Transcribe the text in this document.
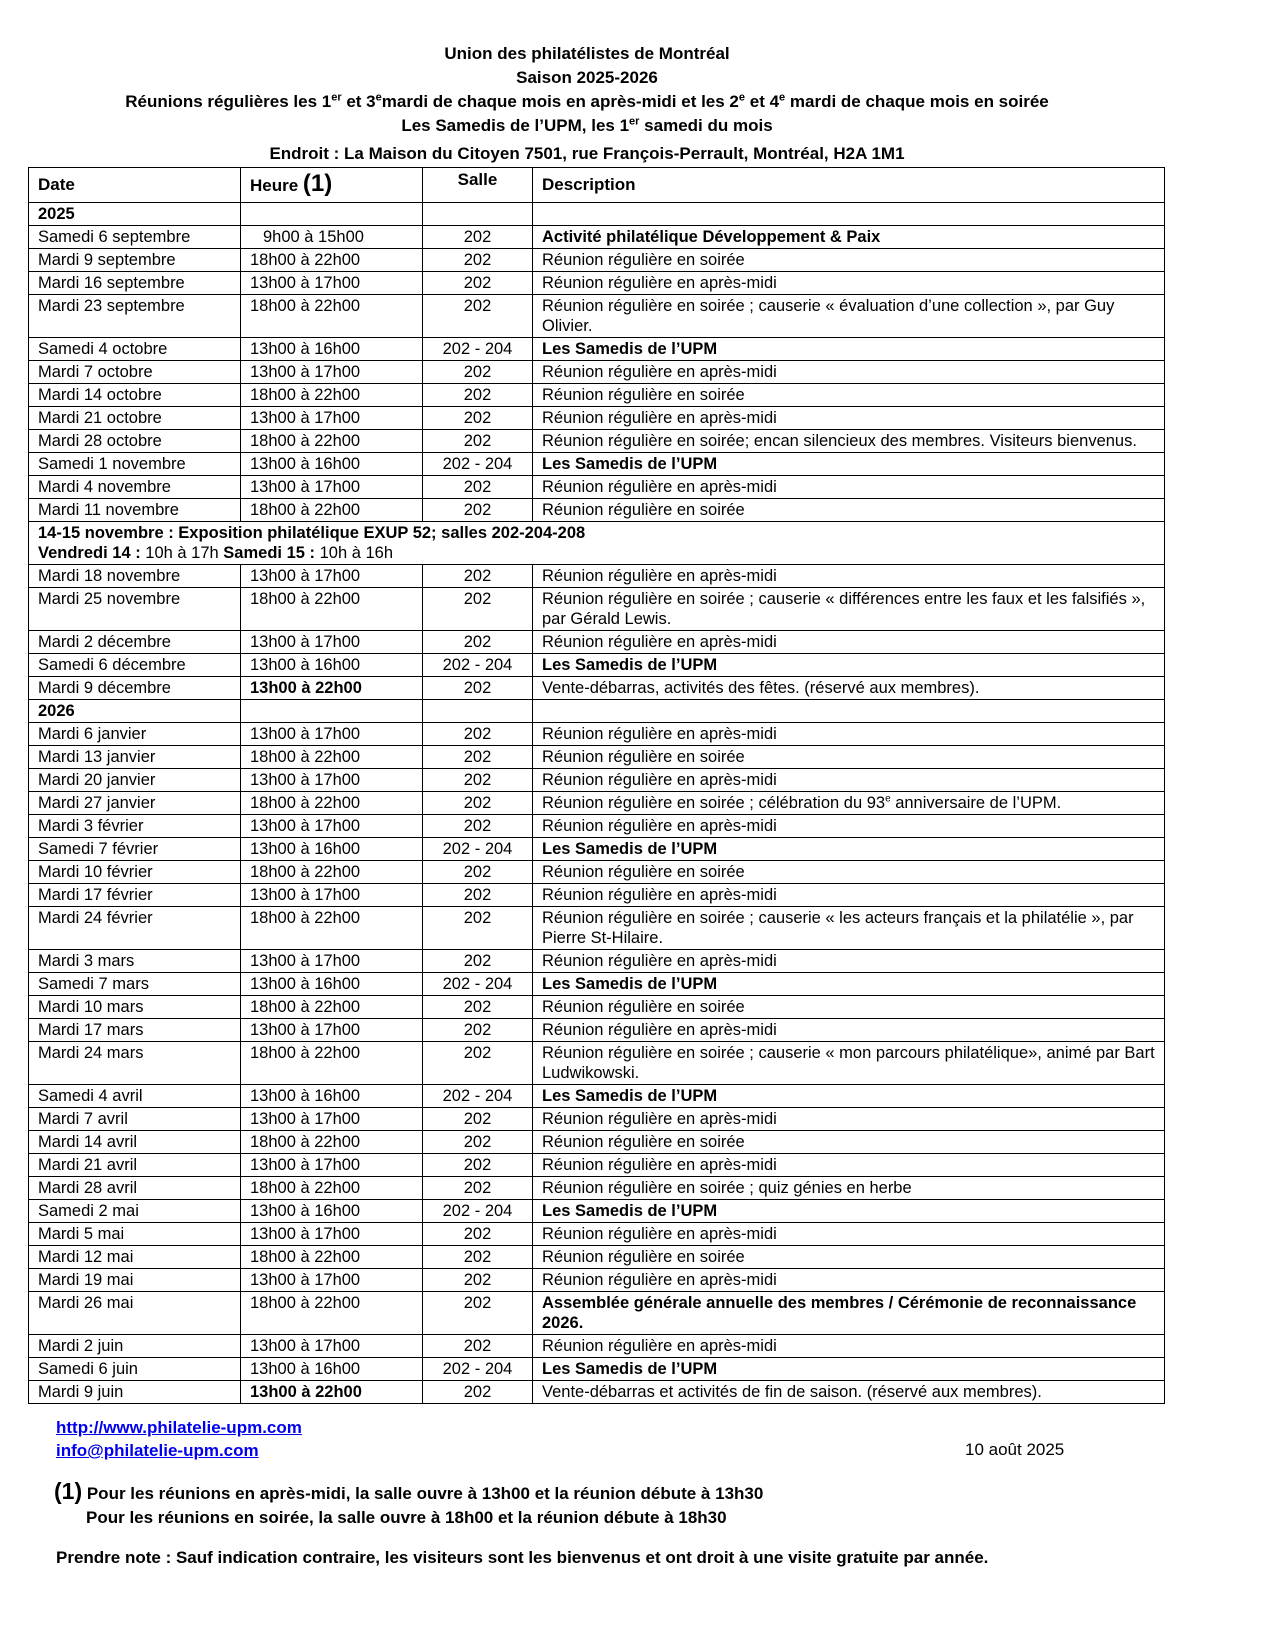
Union des philatélistes de Montréal
Saison 2025-2026
Réunions régulières les 1er et 3emardi de chaque mois en après-midi et les 2e et 4e mardi de chaque mois en soirée
Les Samedis de l’UPM, les 1er samedi du mois
Endroit : La Maison du Citoyen 7501, rue François-Perrault, Montréal, H2A 1M1
Date	Heure (1)	Salle	Description
2025			
Samedi 6 septembre	9h00 à 15h00	202	Activité philatélique Développement & Paix
Mardi 9 septembre	18h00 à 22h00	202	Réunion régulière en soirée
Mardi 16 septembre	13h00 à 17h00	202	Réunion régulière en après-midi
Mardi 23 septembre	18h00 à 22h00	202	Réunion régulière en soirée ; causerie « évaluation d’une collection », par Guy Olivier.
Samedi 4 octobre	13h00 à 16h00	202 - 204	Les Samedis de l’UPM
Mardi 7 octobre	13h00 à 17h00	202	Réunion régulière en après-midi
Mardi 14 octobre	18h00 à 22h00	202	Réunion régulière en soirée
Mardi 21 octobre	13h00 à 17h00	202	Réunion régulière en après-midi
Mardi 28 octobre	18h00 à 22h00	202	Réunion régulière en soirée; encan silencieux des membres. Visiteurs bienvenus.
Samedi 1 novembre	13h00 à 16h00	202 - 204	Les Samedis de l’UPM
Mardi 4 novembre	13h00 à 17h00	202	Réunion régulière en après-midi
Mardi 11 novembre	18h00 à 22h00	202	Réunion régulière en soirée

14-15 novembre : Exposition philatélique EXUP 52; salles 202-204-208
Vendredi 14 : 10h à 17h Samedi 15 : 10h à 16h			

Mardi 18 novembre	13h00 à 17h00	202	Réunion régulière en après-midi
Mardi 25 novembre	18h00 à 22h00	202	Réunion régulière en soirée ; causerie « différences entre les faux et les falsifiés », par Gérald Lewis.
Mardi 2 décembre	13h00 à 17h00	202	Réunion régulière en après-midi
Samedi 6 décembre	13h00 à 16h00	202 - 204	Les Samedis de l’UPM
Mardi 9 décembre	13h00 à 22h00	202	Vente-débarras, activités des fêtes. (réservé aux membres).
2026			
Mardi 6 janvier	13h00 à 17h00	202	Réunion régulière en après-midi
Mardi 13 janvier	18h00 à 22h00	202	Réunion régulière en soirée
Mardi 20 janvier	13h00 à 17h00	202	Réunion régulière en après-midi
Mardi 27 janvier	18h00 à 22h00	202	Réunion régulière en soirée ; célébration du 93e anniversaire de l’UPM.
Mardi 3 février	13h00 à 17h00	202	Réunion régulière en après-midi
Samedi 7 février	13h00 à 16h00	202 - 204	Les Samedis de l’UPM
Mardi 10 février	18h00 à 22h00	202	Réunion régulière en soirée
Mardi 17 février	13h00 à 17h00	202	Réunion régulière en après-midi
Mardi 24 février	18h00 à 22h00	202	Réunion régulière en soirée ; causerie « les acteurs français et la philatélie », par Pierre St-Hilaire.
Mardi 3 mars	13h00 à 17h00	202	Réunion régulière en après-midi
Samedi 7 mars	13h00 à 16h00	202 - 204	Les Samedis de l’UPM
Mardi 10 mars	18h00 à 22h00	202	Réunion régulière en soirée
Mardi 17 mars	13h00 à 17h00	202	Réunion régulière en après-midi
Mardi 24 mars	18h00 à 22h00	202	Réunion régulière en soirée ; causerie « mon parcours philatélique», animé par Bart Ludwikowski.
Samedi 4 avril	13h00 à 16h00	202 - 204	Les Samedis de l’UPM
Mardi 7 avril	13h00 à 17h00	202	Réunion régulière en après-midi
Mardi 14 avril	18h00 à 22h00	202	Réunion régulière en soirée
Mardi 21 avril	13h00 à 17h00	202	Réunion régulière en après-midi
Mardi 28 avril	18h00 à 22h00	202	Réunion régulière en soirée ; quiz génies en herbe
Samedi 2 mai	13h00 à 16h00	202 - 204	Les Samedis de l’UPM
Mardi 5 mai	13h00 à 17h00	202	Réunion régulière en après-midi
Mardi 12 mai	18h00 à 22h00	202	Réunion régulière en soirée
Mardi 19 mai	13h00 à 17h00	202	Réunion régulière en après-midi
Mardi 26 mai	18h00 à 22h00	202	Assemblée générale annuelle des membres / Cérémonie de reconnaissance 2026.
Mardi 2 juin	13h00 à 17h00	202	Réunion régulière en après-midi
Samedi 6 juin	13h00 à 16h00	202 - 204	Les Samedis de l’UPM
Mardi 9 juin	13h00 à 22h00	202	Vente-débarras et activités de fin de saison. (réservé aux membres).
http://www.philatelie-upm.com
info@philatelie-upm.com	10 août 2025
(1) Pour les réunions en après-midi, la salle ouvre à 13h00 et la réunion débute à 13h30
Pour les réunions en soirée, la salle ouvre à 18h00 et la réunion débute à 18h30
Prendre note : Sauf indication contraire, les visiteurs sont les bienvenus et ont droit à une visite gratuite par année.
